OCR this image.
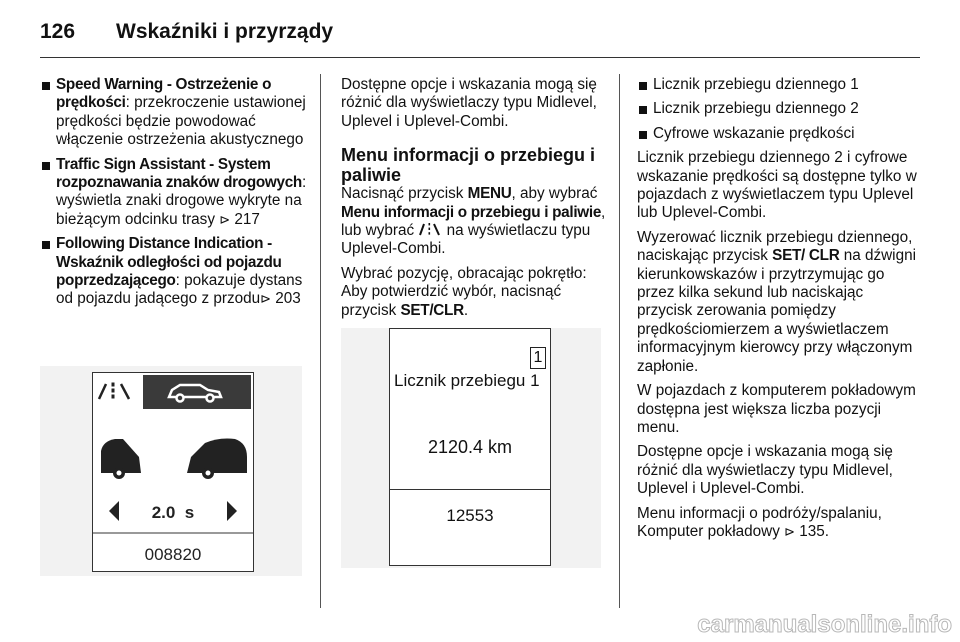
126 Wskaźniki i przyrządy
Speed Warning - Ostrzeżenie o prędkości: przekroczenie ustawionej prędkości będzie powodować włączenie ostrzeżenia akustycznego
Traffic Sign Assistant - System rozpoznawania znaków drogowych: wyświetla znaki drogowe wykryte na bieżącym odcinku trasy ⊳ 217
Following Distance Indication - Wskaźnik odległości od pojazdu poprzedzającego: pokazuje dystans od pojazdu jadącego z przodu⊳ 203
2.0  s
008820

Dostępne opcje i wskazania mogą się różnić dla wyświetlaczy typu Midlevel, Uplevel i Uplevel-Combi.

Menu informacji o przebiegu i paliwie

Nacisnąć przycisk MENU, aby wybrać Menu informacji o przebiegu i paliwie, lub wybrać  na wyświetlaczu typu Uplevel-Combi.

Wybrać pozycję, obracając pokrętło: Aby potwierdzić wybór, nacisnąć przycisk SET/CLR.

1
Licznik przebiegu 1
2120.4 km
12553
Licznik przebiegu dziennego 1
Licznik przebiegu dziennego 2
Cyfrowe wskazanie prędkości

Licznik przebiegu dziennego 2 i cyfrowe wskazanie prędkości są dostępne tylko w pojazdach z wyświetlaczem typu Uplevel lub Uplevel-Combi.

Wyzerować licznik przebiegu dziennego, naciskając przycisk SET/ CLR na dźwigni kierunkowskazów i przytrzymując go przez kilka sekund lub naciskając przycisk zerowania pomiędzy prędkościomierzem a wyświetlaczem informacyjnym kierowcy przy włączonym zapłonie.

W pojazdach z komputerem pokładowym dostępna jest większa liczba pozycji menu.

Dostępne opcje i wskazania mogą się różnić dla wyświetlaczy typu Midlevel, Uplevel i Uplevel-Combi.

Menu informacji o podróży/spalaniu, Komputer pokładowy ⊳ 135.

carmanualsonline.info
